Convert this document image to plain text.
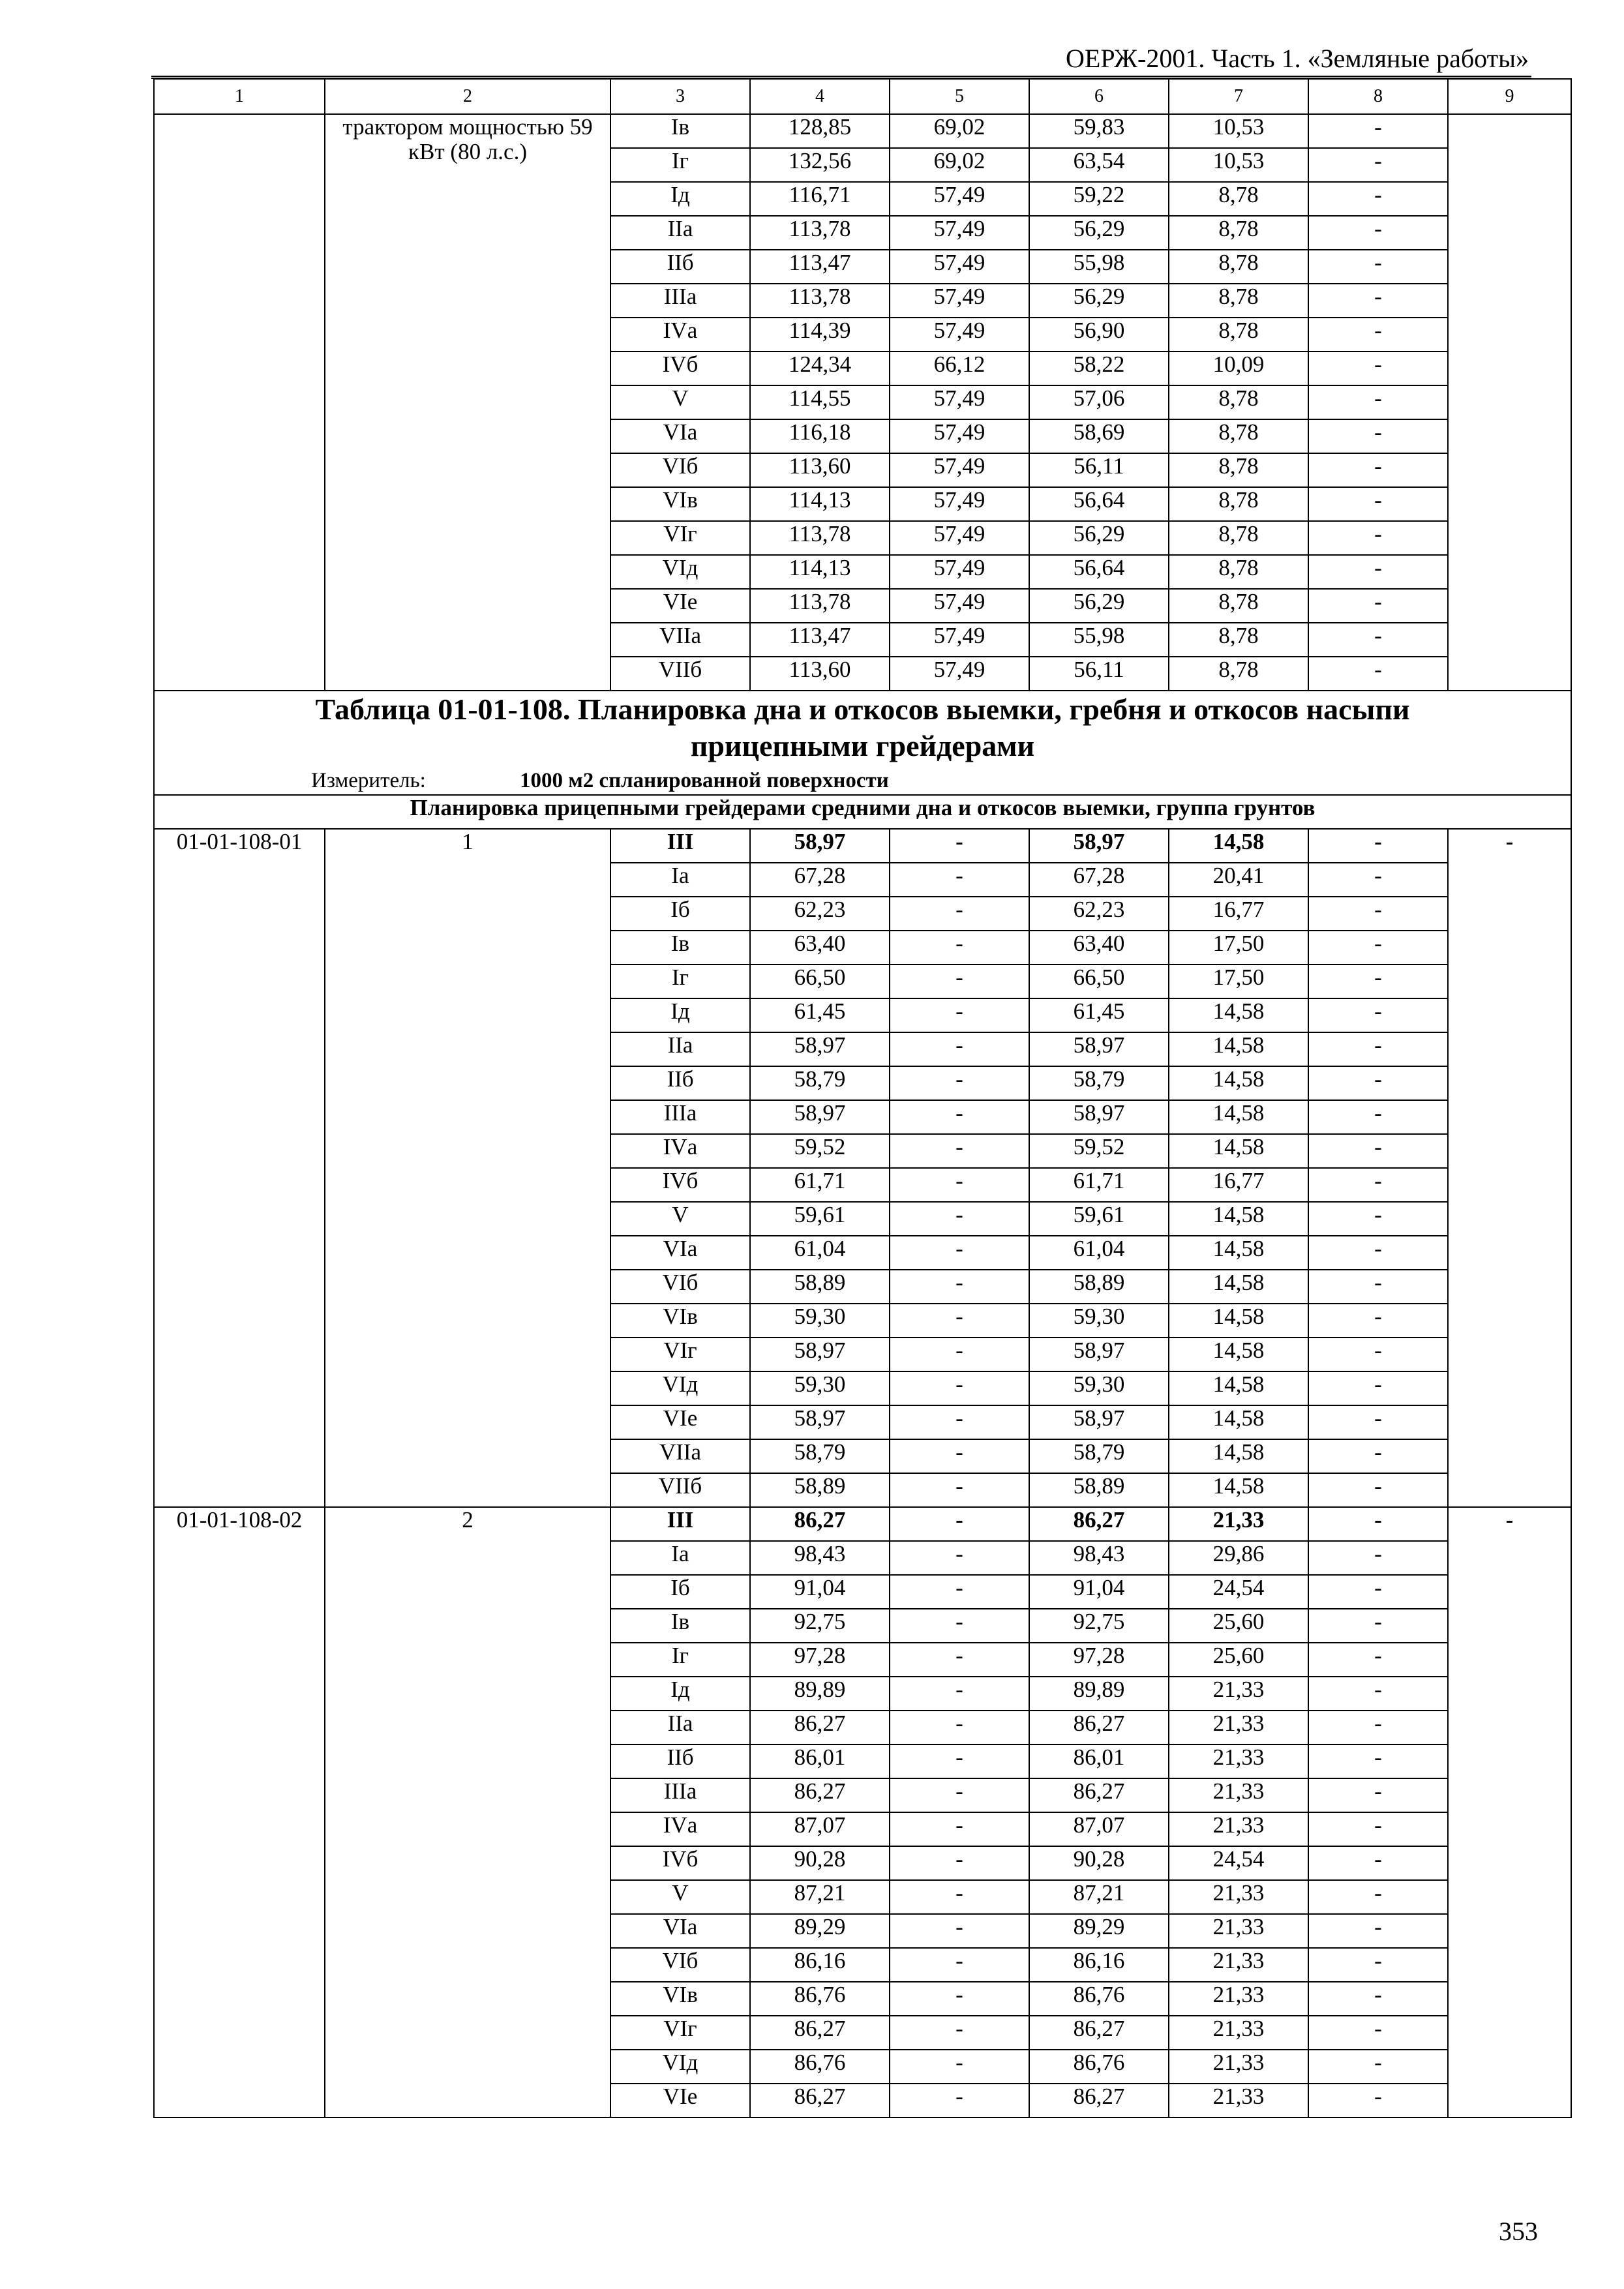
ОЕРЖ-2001. Часть 1. «Земляные работы»
1	2	3	4	5	6	7	8	9
	трактором мощностью 59 кВт (80 л.с.)	Iв	128,85	69,02	59,83	10,53	-	
		Iг	132,56	69,02	63,54	10,53	-	
		Iд	116,71	57,49	59,22	8,78	-	
		IIа	113,78	57,49	56,29	8,78	-	
		IIб	113,47	57,49	55,98	8,78	-	
		IIIа	113,78	57,49	56,29	8,78	-	
		IVа	114,39	57,49	56,90	8,78	-	
		IVб	124,34	66,12	58,22	10,09	-	
		V	114,55	57,49	57,06	8,78	-	
		VIа	116,18	57,49	58,69	8,78	-	
		VIб	113,60	57,49	56,11	8,78	-	
		VIв	114,13	57,49	56,64	8,78	-	
		VIг	113,78	57,49	56,29	8,78	-	
		VIд	114,13	57,49	56,64	8,78	-	
		VIе	113,78	57,49	56,29	8,78	-	
		VIIа	113,47	57,49	55,98	8,78	-	
		VIIб	113,60	57,49	56,11	8,78	-	

Таблица 01-01-108. Планировка дна и откосов выемки, гребня и откосов насыпи
прицепными грейдерами
Измеритель: 1000 м2 спланированной поверхности								

Планировка прицепными грейдерами средними дна и откосов выемки, группа грунтов								
01-01-108-01	1	III	58,97	-	58,97	14,58	-	-
		Iа	67,28	-	67,28	20,41	-	
		Iб	62,23	-	62,23	16,77	-	
		Iв	63,40	-	63,40	17,50	-	
		Iг	66,50	-	66,50	17,50	-	
		Iд	61,45	-	61,45	14,58	-	
		IIа	58,97	-	58,97	14,58	-	
		IIб	58,79	-	58,79	14,58	-	
		IIIа	58,97	-	58,97	14,58	-	
		IVа	59,52	-	59,52	14,58	-	
		IVб	61,71	-	61,71	16,77	-	
		V	59,61	-	59,61	14,58	-	
		VIа	61,04	-	61,04	14,58	-	
		VIб	58,89	-	58,89	14,58	-	
		VIв	59,30	-	59,30	14,58	-	
		VIг	58,97	-	58,97	14,58	-	
		VIд	59,30	-	59,30	14,58	-	
		VIе	58,97	-	58,97	14,58	-	
		VIIа	58,79	-	58,79	14,58	-	
		VIIб	58,89	-	58,89	14,58	-	
01-01-108-02	2	III	86,27	-	86,27	21,33	-	-
		Iа	98,43	-	98,43	29,86	-	
		Iб	91,04	-	91,04	24,54	-	
		Iв	92,75	-	92,75	25,60	-	
		Iг	97,28	-	97,28	25,60	-	
		Iд	89,89	-	89,89	21,33	-	
		IIа	86,27	-	86,27	21,33	-	
		IIб	86,01	-	86,01	21,33	-	
		IIIа	86,27	-	86,27	21,33	-	
		IVа	87,07	-	87,07	21,33	-	
		IVб	90,28	-	90,28	24,54	-	
		V	87,21	-	87,21	21,33	-	
		VIа	89,29	-	89,29	21,33	-	
		VIб	86,16	-	86,16	21,33	-	
		VIв	86,76	-	86,76	21,33	-	
		VIг	86,27	-	86,27	21,33	-	
		VIд	86,76	-	86,76	21,33	-	
		VIе	86,27	-	86,27	21,33	-	
353
